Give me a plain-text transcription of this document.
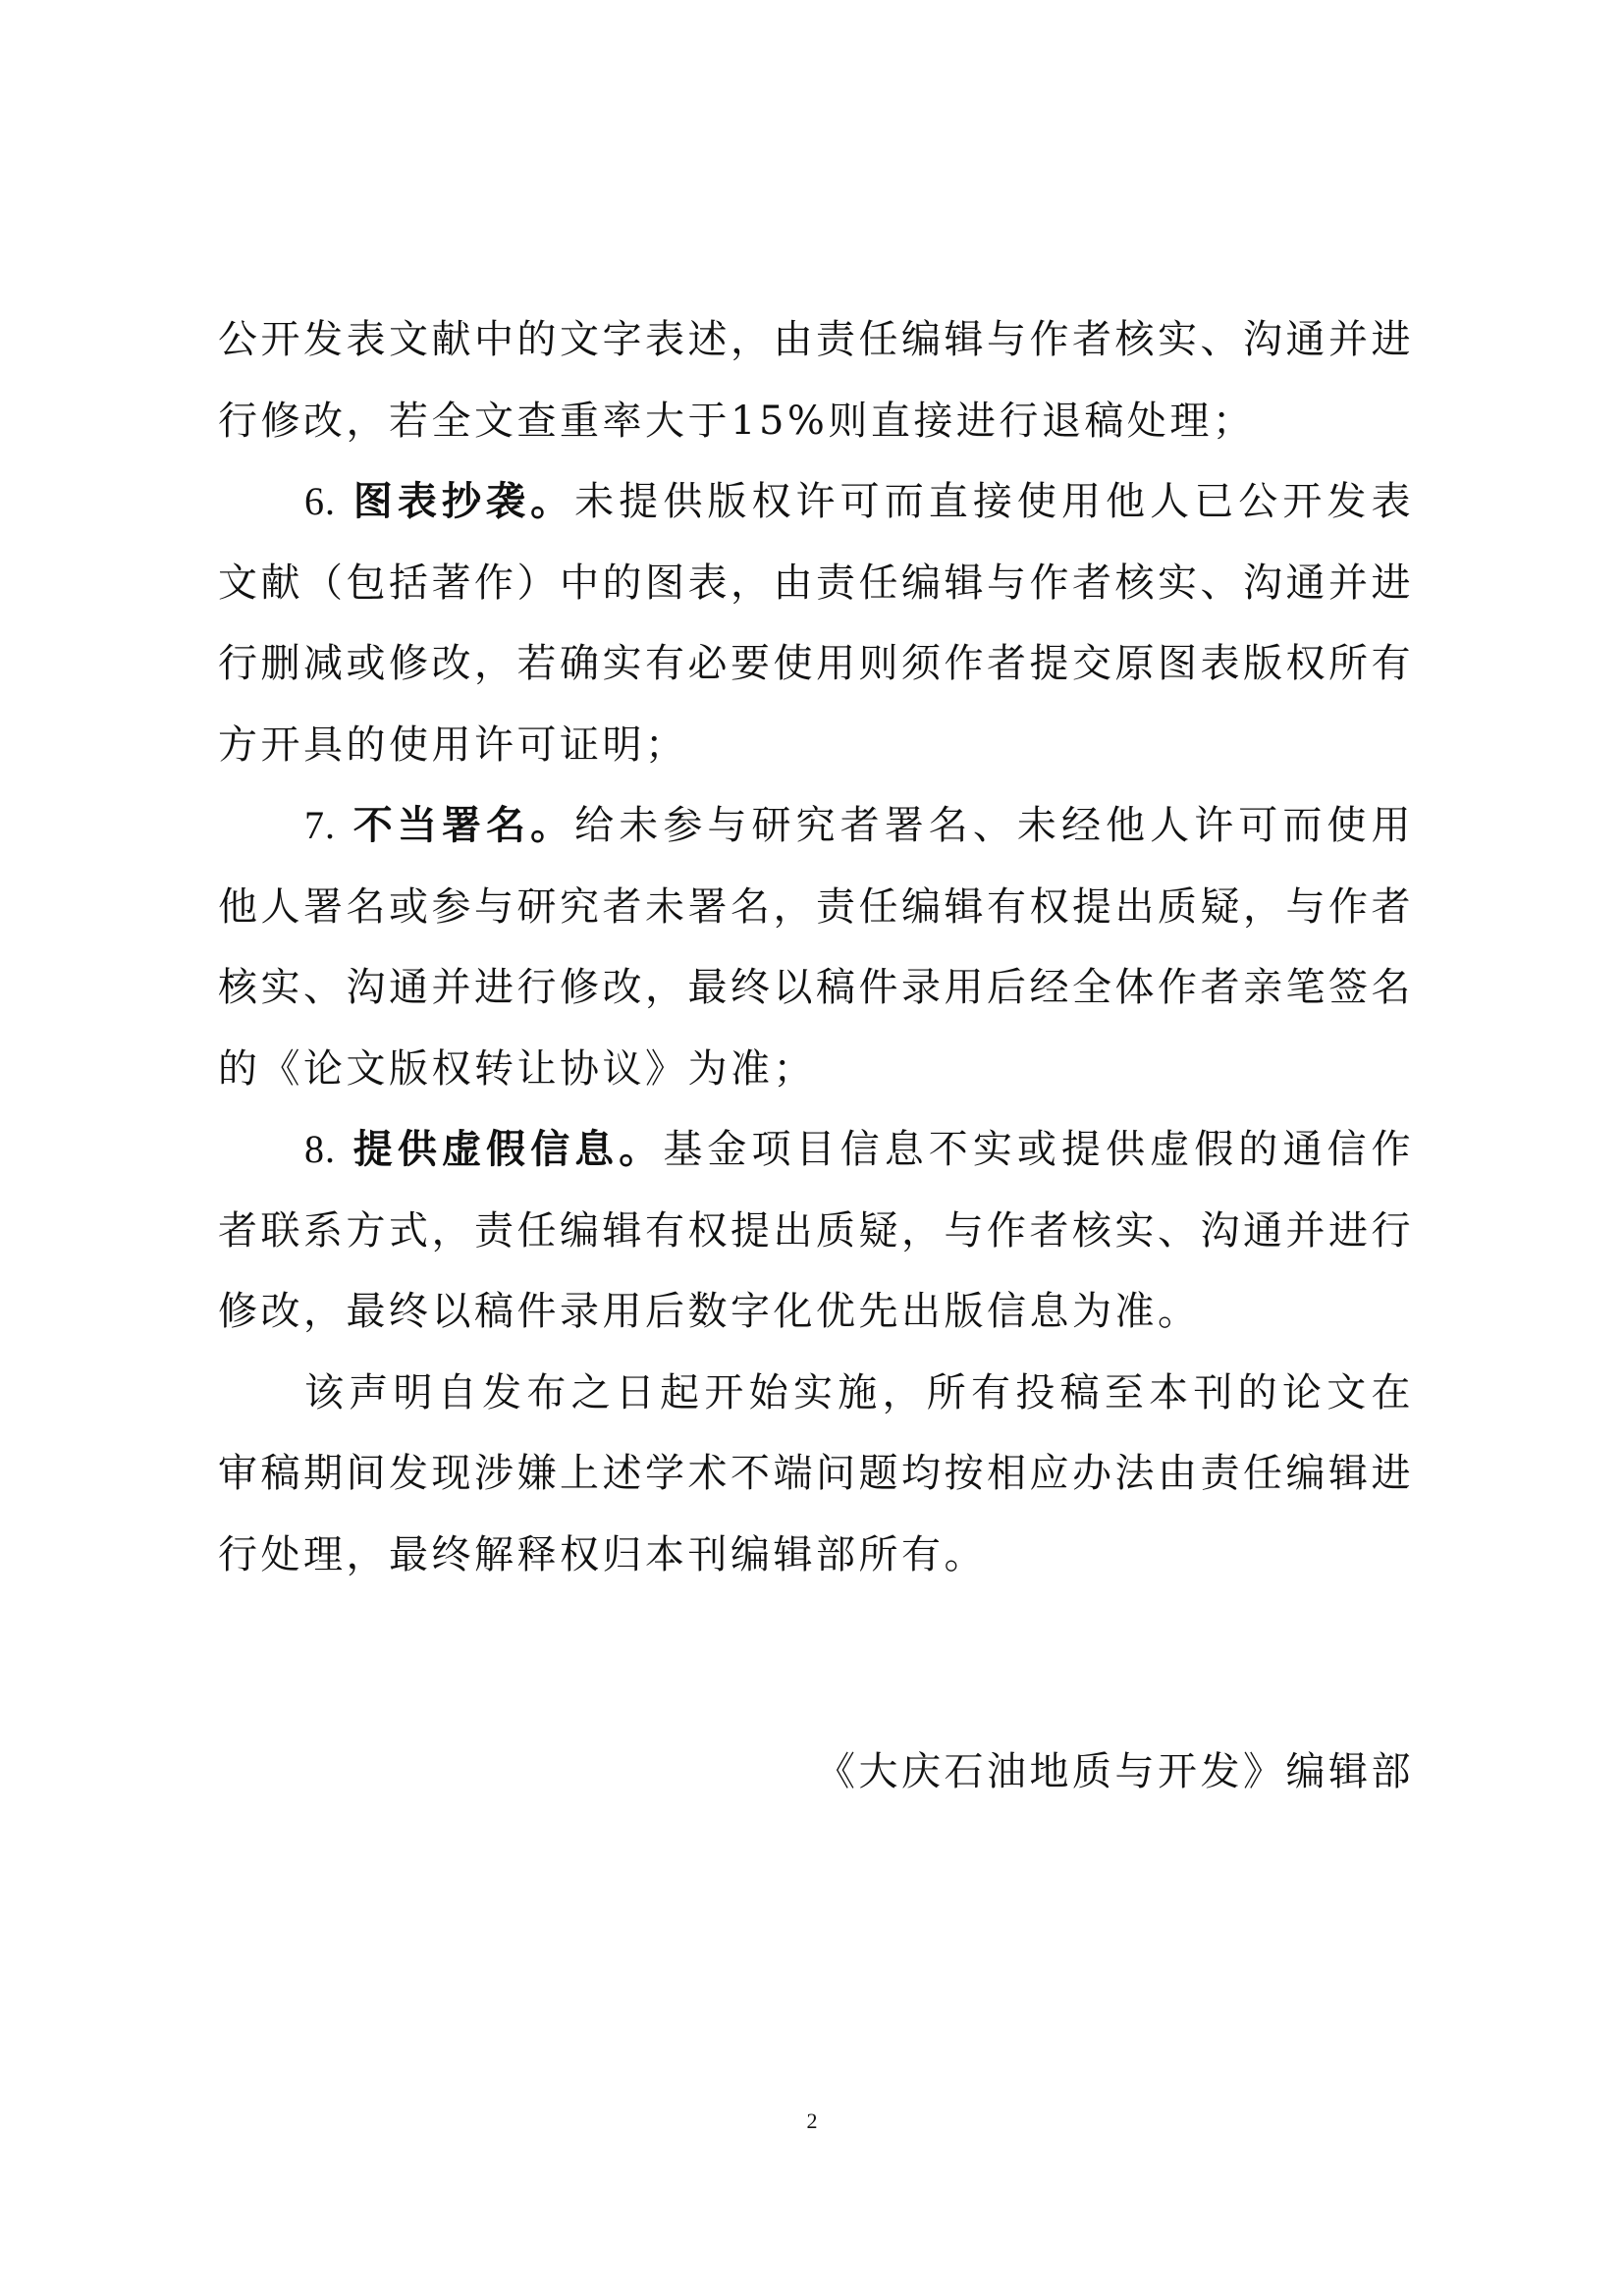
公开发表文献中的文字表述，由责任编辑与作者核实、沟通并进行修改，若全文查重率大于15%则直接进行退稿处理；

6. 图表抄袭。未提供版权许可而直接使用他人已公开发表文献（包括著作）中的图表，由责任编辑与作者核实、沟通并进行删减或修改，若确实有必要使用则须作者提交原图表版权所有方开具的使用许可证明；

7. 不当署名。给未参与研究者署名、未经他人许可而使用他人署名或参与研究者未署名，责任编辑有权提出质疑，与作者核实、沟通并进行修改，最终以稿件录用后经全体作者亲笔签名的《论文版权转让协议》为准；

8. 提供虚假信息。基金项目信息不实或提供虚假的通信作者联系方式，责任编辑有权提出质疑，与作者核实、沟通并进行修改，最终以稿件录用后数字化优先出版信息为准。

该声明自发布之日起开始实施，所有投稿至本刊的论文在审稿期间发现涉嫌上述学术不端问题均按相应办法由责任编辑进行处理，最终解释权归本刊编辑部所有。

《大庆石油地质与开发》编辑部
2
